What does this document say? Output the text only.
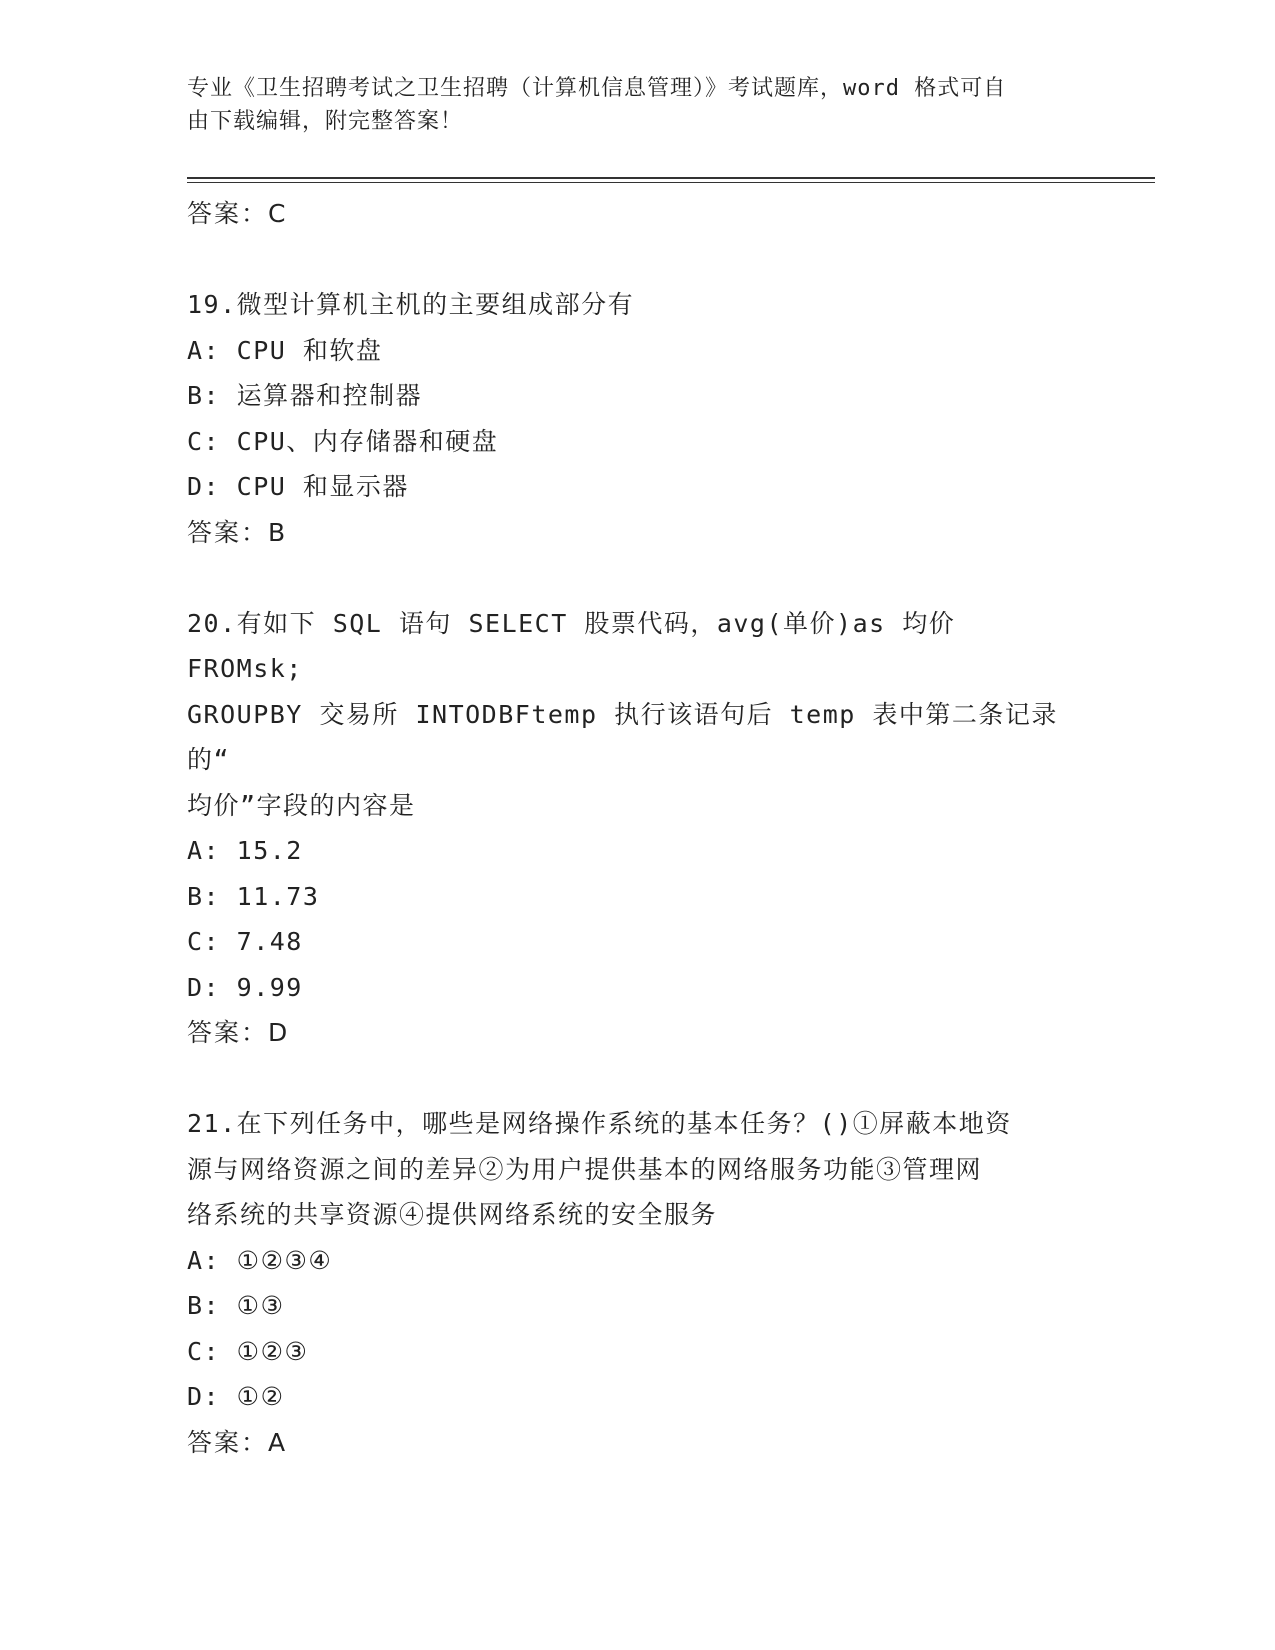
专业《卫生招聘考试之卫生招聘（计算机信息管理）》考试题库，word 格式可自
由下载编辑，附完整答案！
答案：C
19.微型计算机主机的主要组成部分有
A: CPU 和软盘
B: 运算器和控制器
C: CPU、内存储器和硬盘
D: CPU 和显示器
答案：B
20.有如下 SQL 语句 SELECT 股票代码，avg(单价)as 均价 FROMsk;
GROUPBY 交易所 INTODBFtemp 执行该语句后 temp 表中第二条记录的“
均价”字段的内容是
A: 15.2
B: 11.73
C: 7.48
D: 9.99
答案：D
21.在下列任务中，哪些是网络操作系统的基本任务？()①屏蔽本地资
源与网络资源之间的差异②为用户提供基本的网络服务功能③管理网
络系统的共享资源④提供网络系统的安全服务
A: ①②③④
B: ①③
C: ①②③
D: ①②
答案：A
